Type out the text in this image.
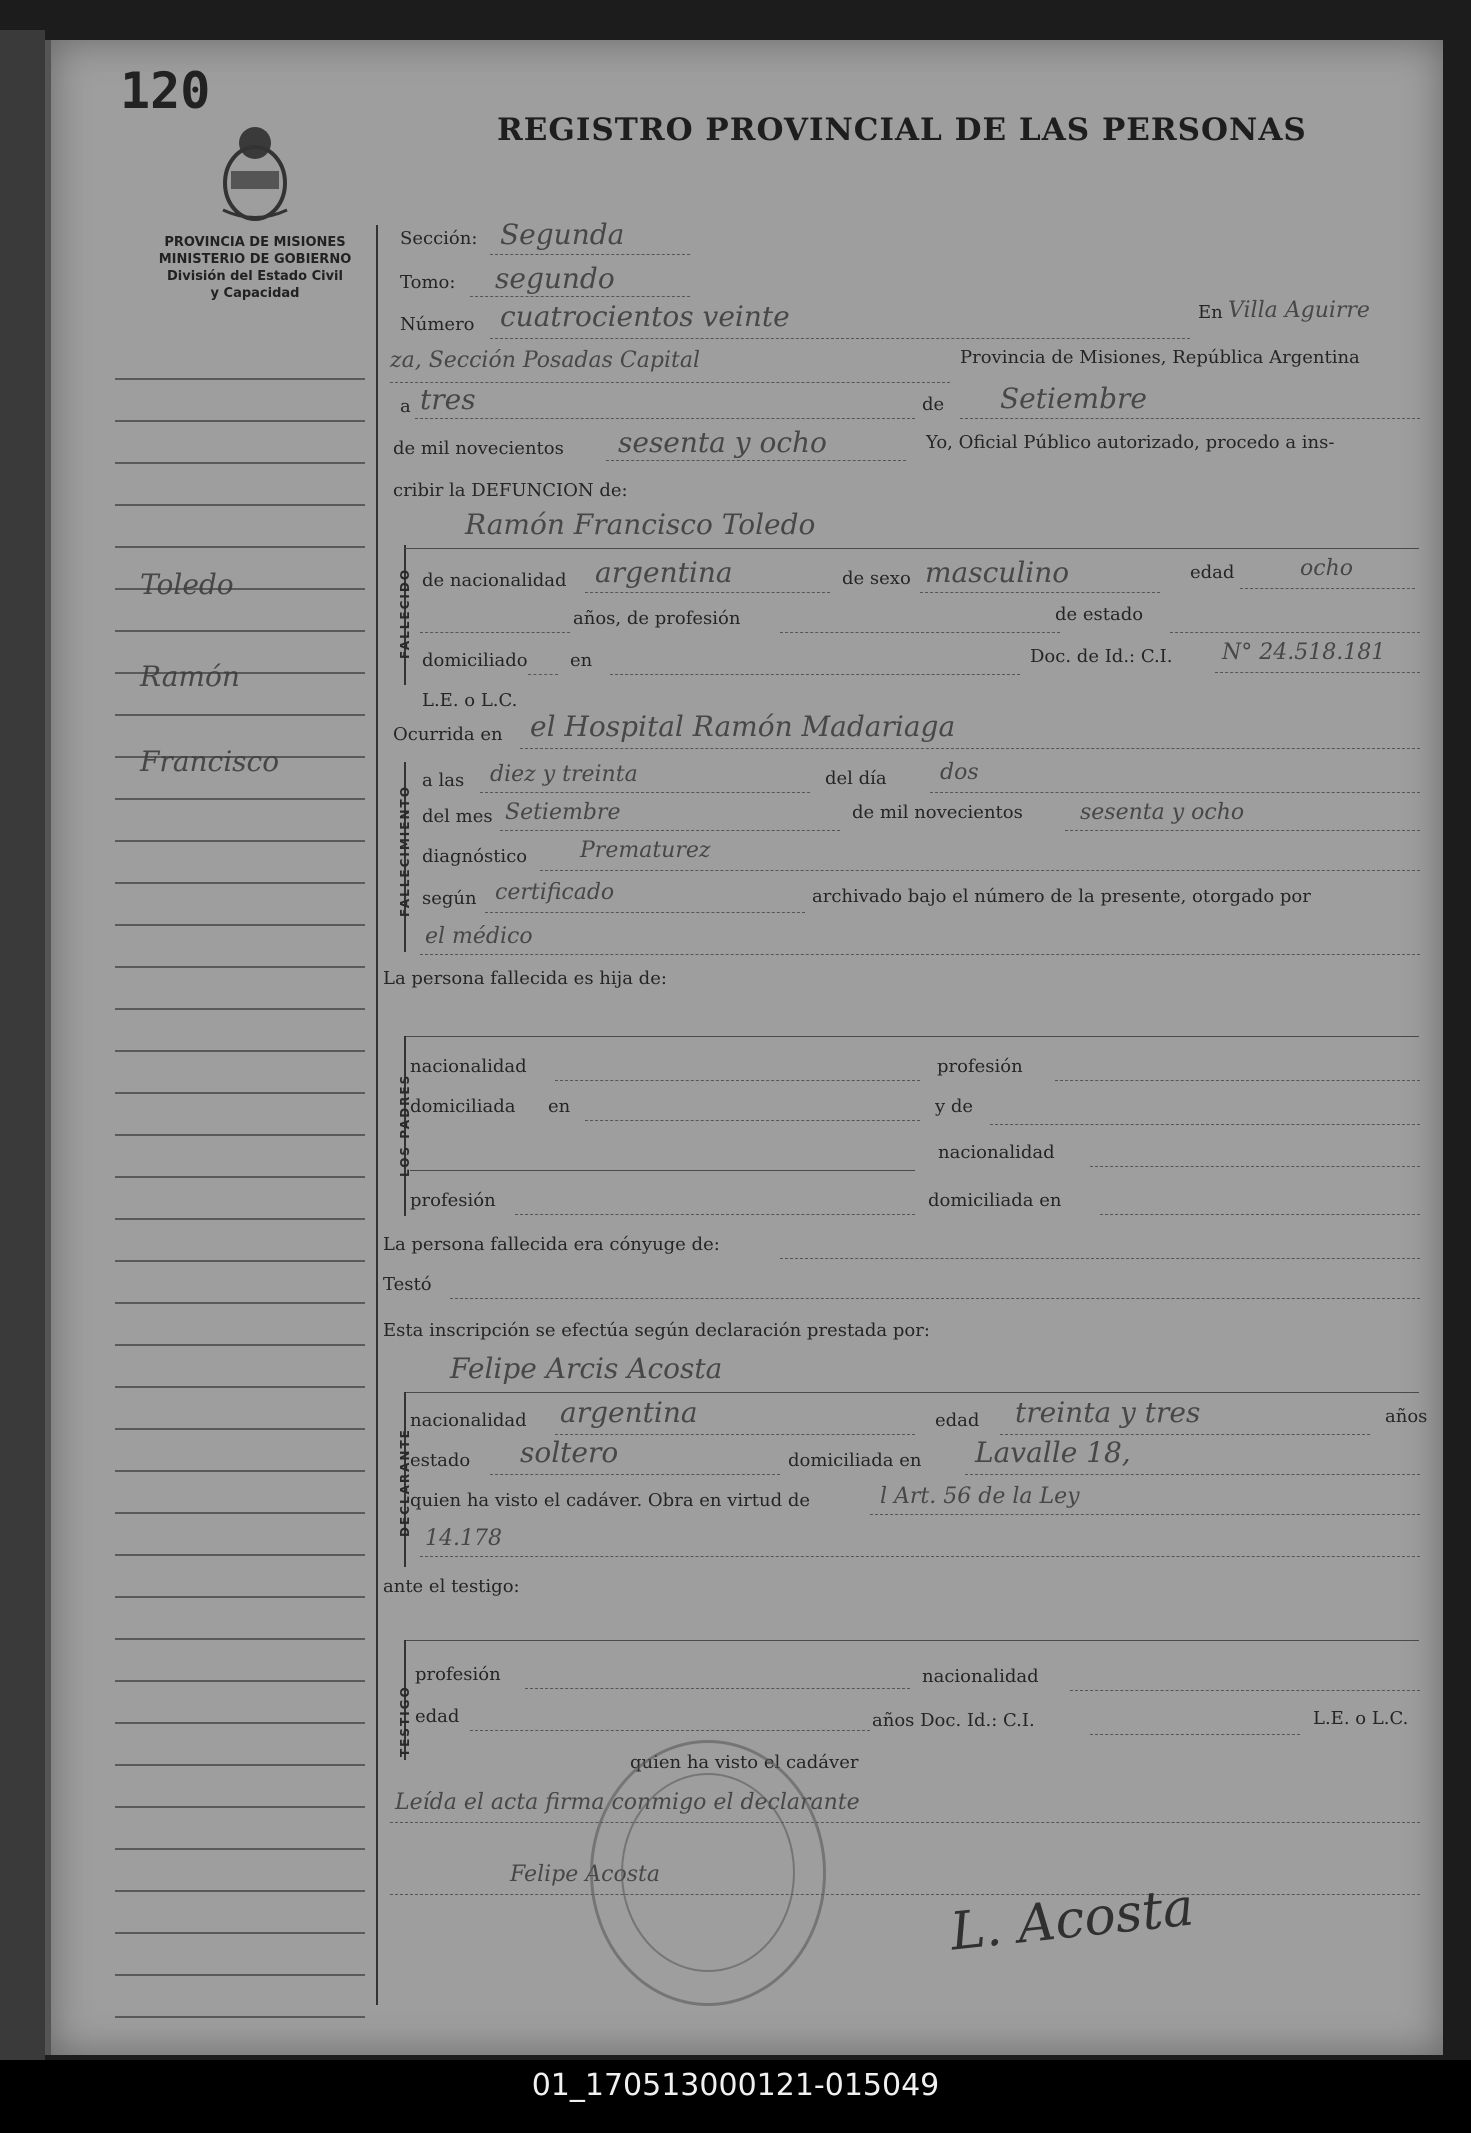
120
REGISTRO PROVINCIAL DE LAS PERSONAS
PROVINCIA DE MISIONES
MINISTERIO DE GOBIERNO
División del Estado Civil
y Capacidad
Toledo
Ramón
Francisco
Sección: Segunda
Tomo: segundo
Número cuatrocientos veinte	En Villa Aguirre
za, Sección Posadas Capital	Provincia de Misiones, República Argentina
a tres	de Setiembre
de mil novecientos sesenta y ocho	Yo, Oficial Público autorizado, procedo a ins-
cribir la DEFUNCION de:
FALLECIDO
Ramón Francisco Toledo
de nacionalidad argentina	de sexo masculino	edad	ocho
años, de profesión	de estado
domiciliado en	Doc. de Id.: C.I. N° 24.518.181
L.E. o L.C.
Ocurrida en el Hospital Ramón Madariaga
FALLECIMIENTO
a las diez y treinta	del día dos
del mes Setiembre	de mil novecientos	sesenta y ocho
diagnóstico Prematurez
según certificado	archivado bajo el número de la presente, otorgado por
el médico
La persona fallecida es hija de:
LOS PADRES
nacionalidad	profesión
domiciliada en	y de
nacionalidad
profesión	domiciliada en
La persona fallecida era cónyuge de:
Testó
Esta inscripción se efectúa según declaración prestada por:
Felipe Arcis Acosta
DECLARANTE
nacionalidad argentina	edad treinta y tres	años
estado soltero	domiciliada en Lavalle 18,
quien ha visto el cadáver. Obra en virtud de	l Art. 56 de la Ley
14.178
ante el testigo:
TESTIGO
profesión	nacionalidad
edad	años Doc. Id.: C.I.	L.E. o L.C.
quien ha visto el cadáver
Leída el acta firma conmigo el declarante
Felipe Acosta
L. Acosta
01_170513000121-015049
